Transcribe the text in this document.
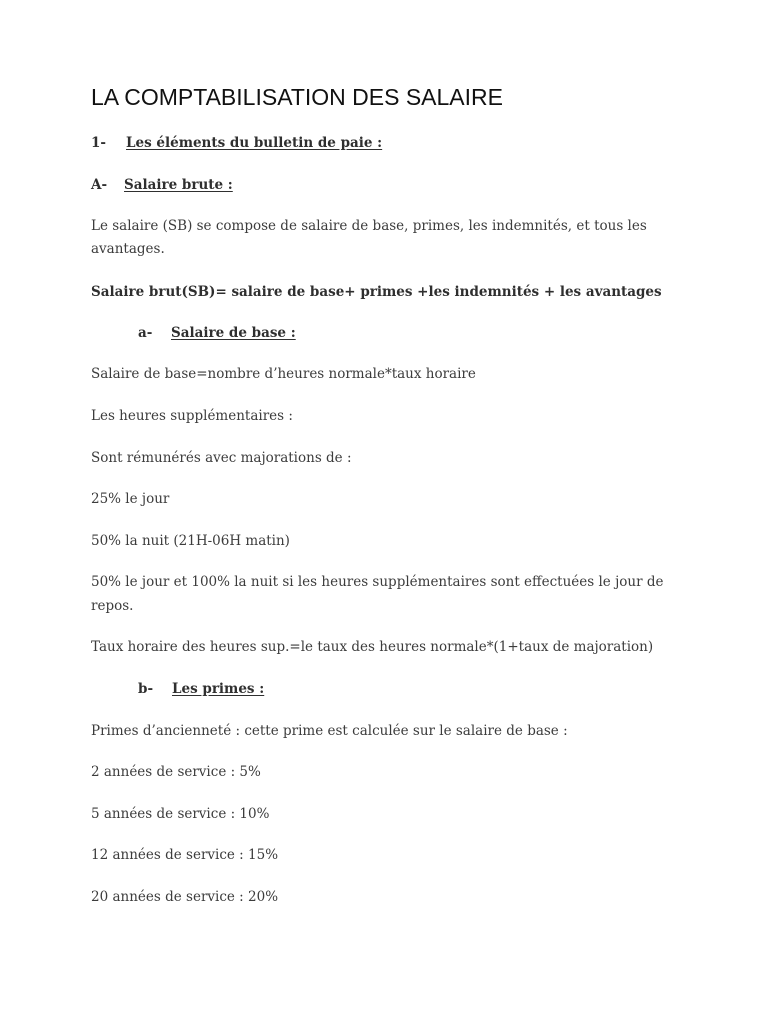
LA COMPTABILISATION DES SALAIRE
1- Les éléments du bulletin de paie :
A- Salaire brute :
Le salaire (SB) se compose de salaire de base, primes, les indemnités, et tous les
avantages.
Salaire brut(SB)= salaire de base+ primes +les indemnités + les avantages
a- Salaire de base :
Salaire de base=nombre d’heures normale*taux horaire
Les heures supplémentaires :
Sont rémunérés avec majorations de :
25% le jour
50% la nuit (21H-06H matin)
50% le jour et 100% la nuit si les heures supplémentaires sont effectuées le jour de
repos.
Taux horaire des heures sup.=le taux des heures normale*(1+taux de majoration)
b- Les primes :
Primes d’ancienneté : cette prime est calculée sur le salaire de base :
2 années de service : 5%
5 années de service : 10%
12 années de service : 15%
20 années de service : 20%
